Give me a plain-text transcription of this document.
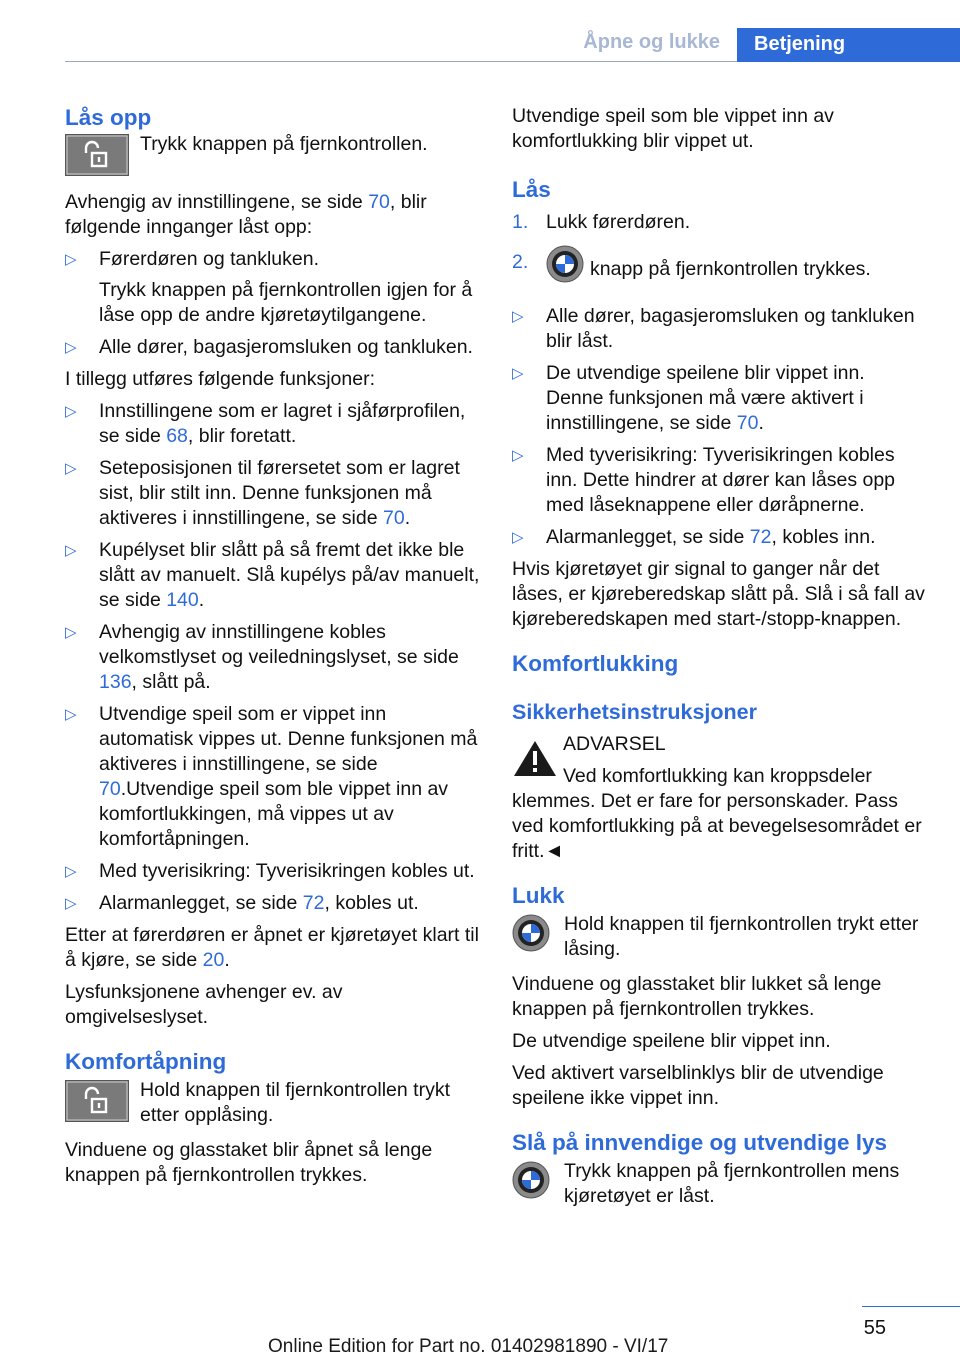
Åpne og lukke	Betjening
Lås opp
Trykk knappen på fjernkontrollen.

Avhengig av innstillingene, se side 70, blir følgende innganger låst opp:

▷ Førerdøren og tankluken.
Trykk knappen på fjernkontrollen igjen for å låse opp de andre kjøretøytilgangene.
▷ Alle dører, bagasjeromsluken og tankluken.

I tillegg utføres følgende funksjoner:

▷ Innstillingene som er lagret i sjåførprofilen, se side 68, blir foretatt.
▷ Seteposisjonen til førersetet som er lagret sist, blir stilt inn. Denne funksjonen må aktiveres i innstillingene, se side 70.
▷ Kupélyset blir slått på så fremt det ikke ble slått av manuelt. Slå kupélys på/av manuelt, se side 140.
▷ Avhengig av innstillingene kobles velkomstlyset og veiledningslyset, se side 136, slått på.
▷ Utvendige speil som er vippet inn automatisk vippes ut. Denne funksjonen må aktiveres i innstillingene, se side 70.Utvendige speil som ble vippet inn av komfortlukkingen, må vippes ut av komfortåpningen.
▷ Med tyverisikring: Tyverisikringen kobles ut.
▷ Alarmanlegget, se side 72, kobles ut.

Etter at førerdøren er åpnet er kjøretøyet klart til å kjøre, se side 20.

Lysfunksjonene avhenger ev. av omgivelseslyset.

Komfortåpning
Hold knappen til fjernkontrollen trykt etter opplåsing.

Vinduene og glasstaket blir åpnet så lenge knappen på fjernkontrollen trykkes.

Utvendige speil som ble vippet inn av komfortlukking blir vippet ut.

Lås
1. Lukk førerdøren.
2.	knapp på fjernkontrollen trykkes.
▷ Alle dører, bagasjeromsluken og tankluken blir låst.
▷ De utvendige speilene blir vippet inn. Denne funksjonen må være aktivert i innstillingene, se side 70.
▷ Med tyverisikring: Tyverisikringen kobles inn. Dette hindrer at dører kan låses opp med låseknappene eller døråpnerne.
▷ Alarmanlegget, se side 72, kobles inn.

Hvis kjøretøyet gir signal to ganger når det låses, er kjøreberedskap slått på. Slå i så fall av kjøreberedskapen med start-/stopp-knappen.

Komfortlukking
Sikkerhetsinstruksjoner
ADVARSEL
Ved komfortlukking kan kroppsdeler klemmes. Det er fare for personskader. Pass ved komfortlukking på at bevegelsesområdet er fritt.◄
Lukk
Hold knappen til fjernkontrollen trykt etter låsing.

Vinduene og glasstaket blir lukket så lenge knappen på fjernkontrollen trykkes.

De utvendige speilene blir vippet inn.

Ved aktivert varselblinklys blir de utvendige speilene ikke vippet inn.

Slå på innvendige og utvendige lys
Trykk knappen på fjernkontrollen mens kjøretøyet er låst.
55
Online Edition for Part no. 01402981890 - VI/17
